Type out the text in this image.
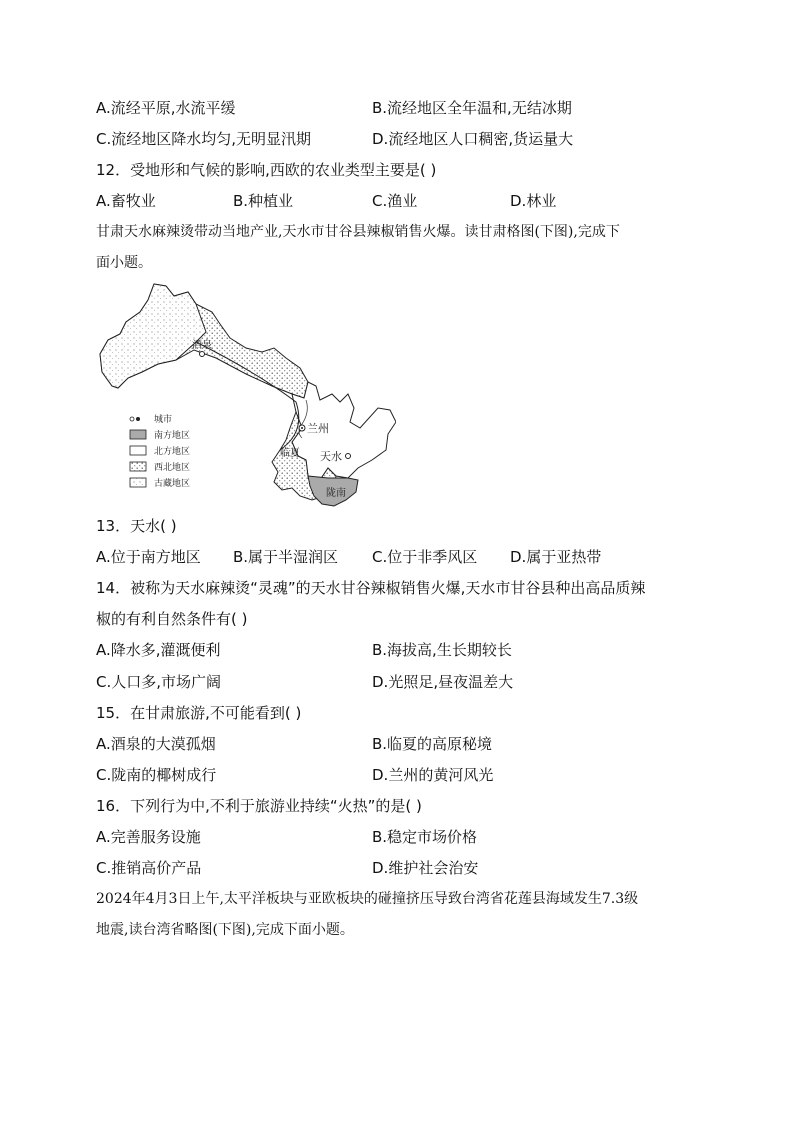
A.流经平原,水流平缓	B.流经地区全年温和,无结冰期
C.流经地区降水均匀,无明显汛期	D.流经地区人口稠密,货运量大
12．受地形和气候的影响,西欧的农业类型主要是( )
A.畜牧业	B.种植业	C.渔业	D.林业
甘肃天水麻辣烫带动当地产业,天水市甘谷县辣椒销售火爆。读甘肃格图(下图),完成下
面小题。
酒泉
兰州
临夏 天水
陇南
城市
南方地区
北方地区
西北地区
古藏地区
13．天水( )
A.位于南方地区 B.属于半湿润区 C.位于非季风区 D.属于亚热带
14．被称为天水麻辣烫“灵魂”的天水甘谷辣椒销售火爆,天水市甘谷县种出高品质辣
椒的有利自然条件有( )
A.降水多,灌溉便利	B.海拔高,生长期较长
C.人口多,市场广阔	D.光照足,昼夜温差大
15．在甘肃旅游,不可能看到( )
A.酒泉的大漠孤烟	B.临夏的高原秘境
C.陇南的椰树成行	D.兰州的黄河风光
16．下列行为中,不利于旅游业持续“火热”的是( )
A.完善服务设施	B.稳定市场价格
C.推销高价产品	D.维护社会治安
2024年4月3日上午,太平洋板块与亚欧板块的碰撞挤压导致台湾省花莲县海域发生7.3级
地震,读台湾省略图(下图),完成下面小题。
